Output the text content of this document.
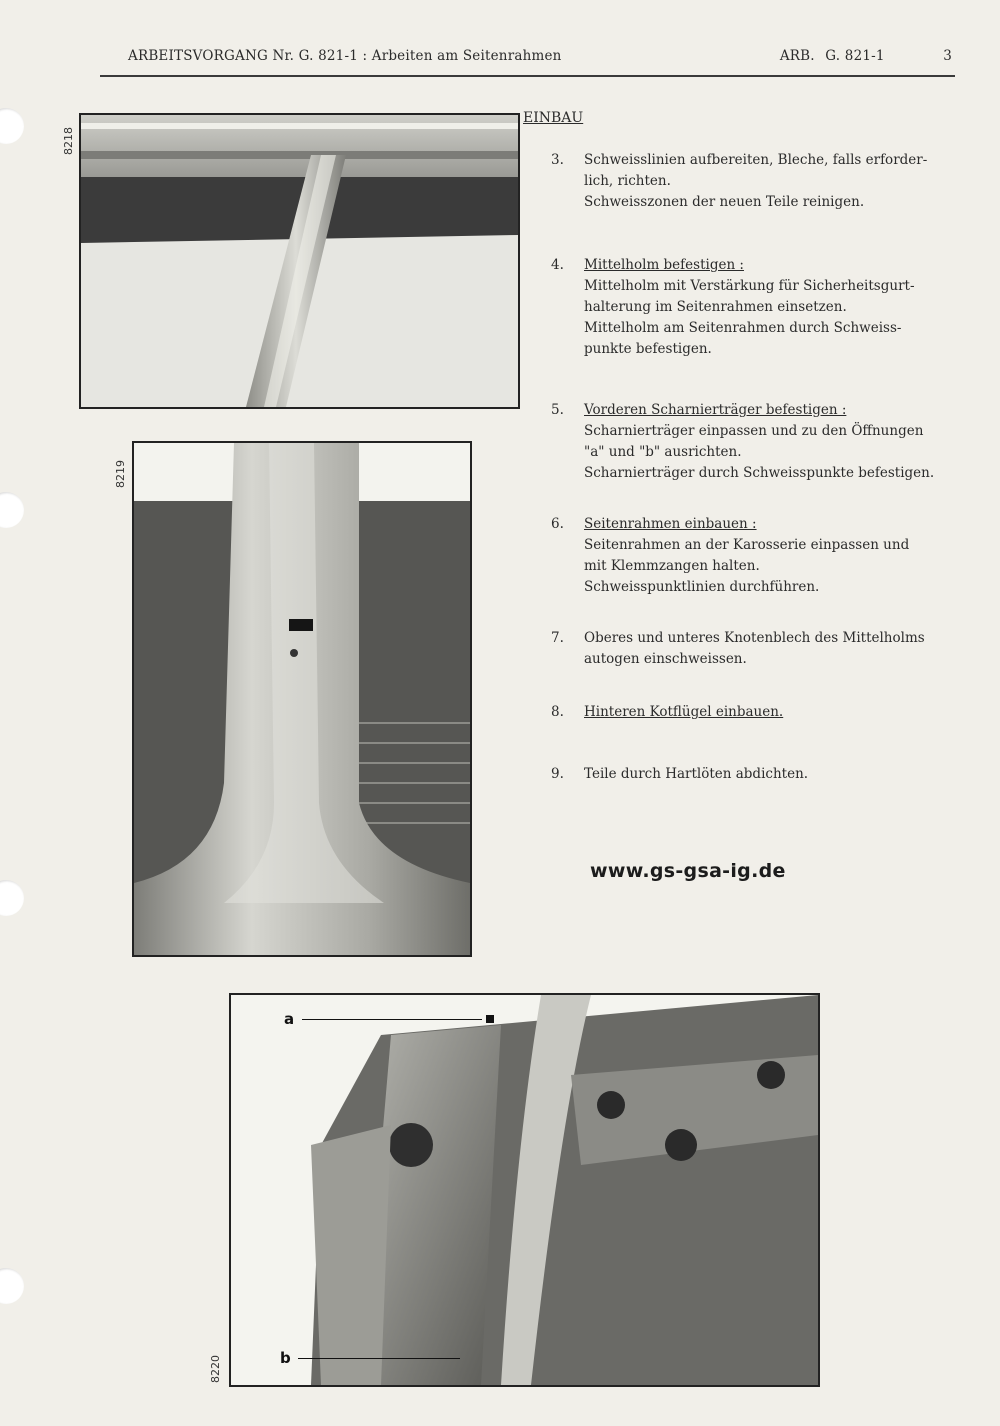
ARBEITSVORGANG Nr. G. 821-1 : Arbeiten am Seitenrahmen	ARB. G. 821-1	3
8218
8219
8220
a
b
EINBAU
3. Schweisslinien aufbereiten, Bleche, falls erforder-
lich, richten.
Schweisszonen der neuen Teile reinigen.
4. Mittelholm befestigen :
Mittelholm mit Verstärkung für Sicherheitsgurt-
halterung im Seitenrahmen einsetzen.
Mittelholm am Seitenrahmen durch Schweiss-
punkte befestigen.
5. Vorderen Scharnierträger befestigen :
Scharnierträger einpassen und zu den Öffnungen
"a" und "b" ausrichten.
Scharnierträger durch Schweisspunkte befestigen.
6. Seitenrahmen einbauen :
Seitenrahmen an der Karosserie einpassen und
mit Klemmzangen halten.
Schweisspunktlinien durchführen.
7. Oberes und unteres Knotenblech des Mittelholms
autogen einschweissen.
8. Hinteren Kotflügel einbauen.
9. Teile durch Hartlöten abdichten.
www.gs-gsa-ig.de
